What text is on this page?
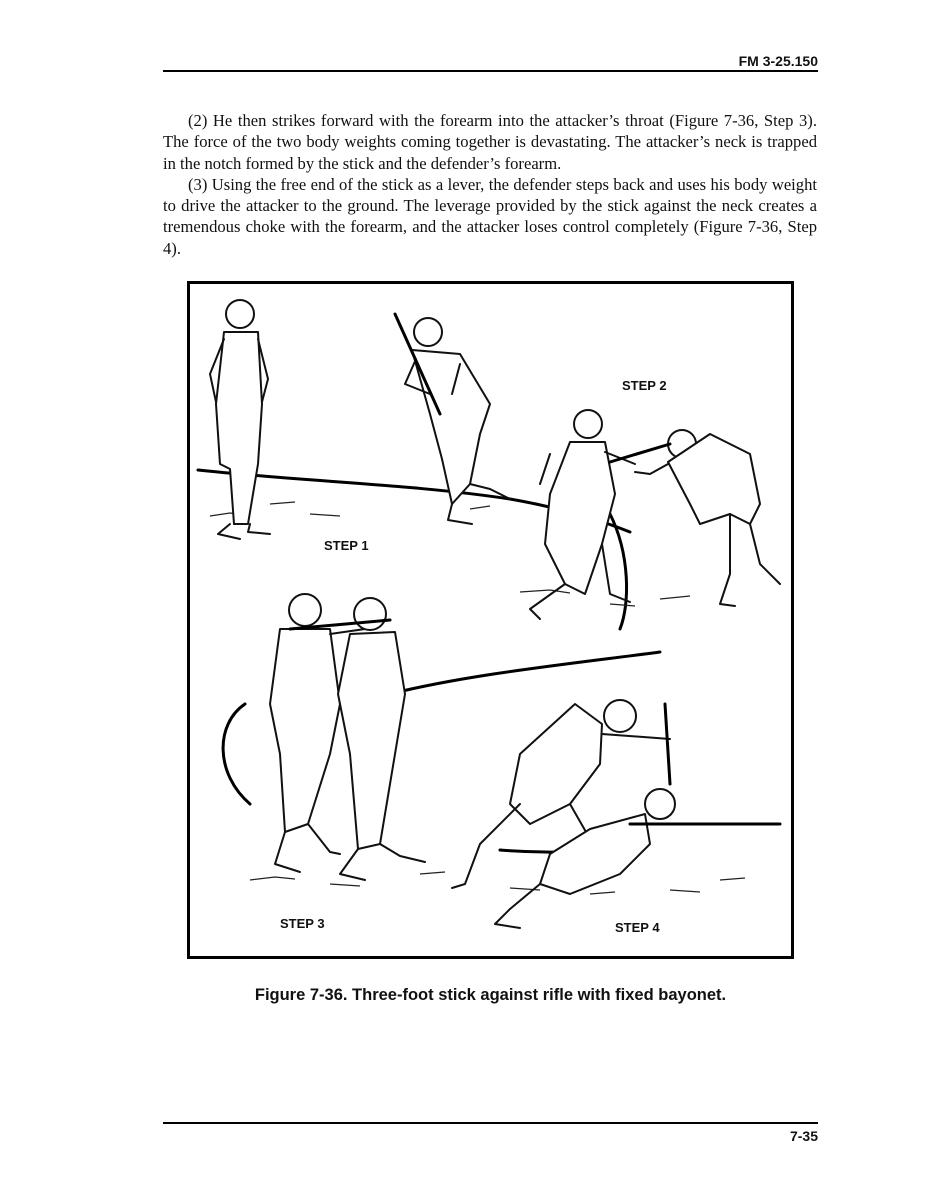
FM 3-25.150

(2) He then strikes forward with the forearm into the attacker’s throat (Figure 7-36, Step 3). The force of the two body weights coming together is devastating. The attacker’s neck is trapped in the notch formed by the stick and the defender’s forearm.

(3) Using the free end of the stick as a lever, the defender steps back and uses his body weight to drive the attacker to the ground. The leverage provided by the stick against the neck creates a tremendous choke with the forearm, and the attacker loses control completely (Figure 7-36, Step 4).

STEP 2
STEP 1
STEP 3	STEP 4
Figure 7-36. Three-foot stick against rifle with fixed bayonet.
7-35
